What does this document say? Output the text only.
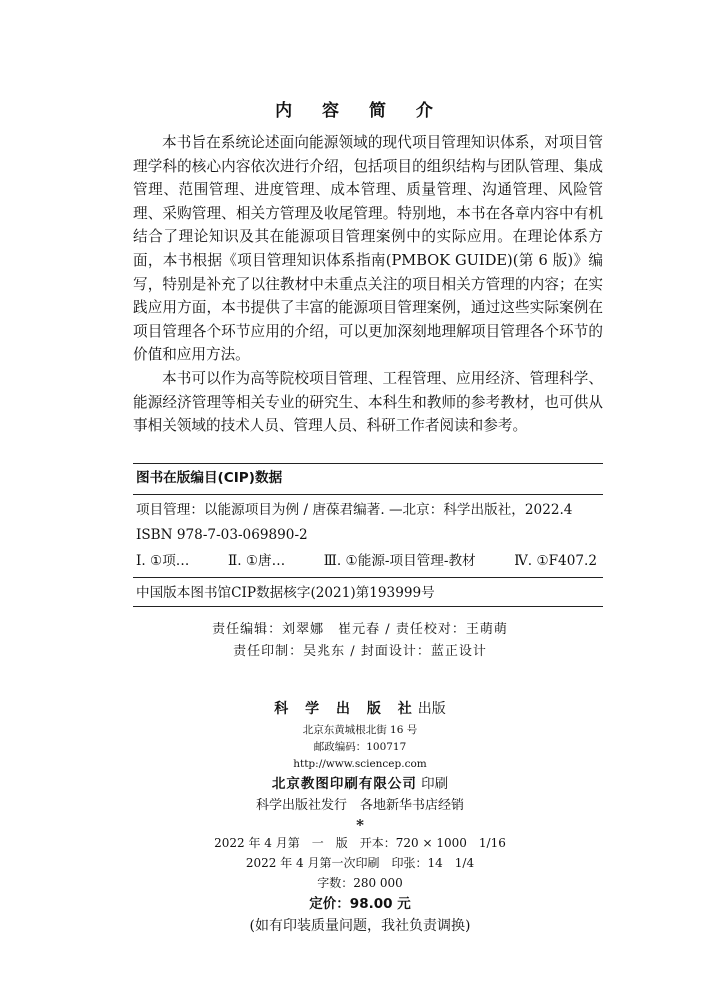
内 容 简 介

本书旨在系统论述面向能源领域的现代项目管理知识体系，对项目管理学科的核心内容依次进行介绍，包括项目的组织结构与团队管理、集成管理、范围管理、进度管理、成本管理、质量管理、沟通管理、风险管理、采购管理、相关方管理及收尾管理。特别地，本书在各章内容中有机结合了理论知识及其在能源项目管理案例中的实际应用。在理论体系方面，本书根据《项目管理知识体系指南(PMBOK GUIDE)(第 6 版)》编写，特别是补充了以往教材中未重点关注的项目相关方管理的内容；在实践应用方面，本书提供了丰富的能源项目管理案例，通过这些实际案例在项目管理各个环节应用的介绍，可以更加深刻地理解项目管理各个环节的价值和应用方法。

本书可以作为高等院校项目管理、工程管理、应用经济、管理科学、能源经济管理等相关专业的研究生、本科生和教师的参考教材，也可供从事相关领域的技术人员、管理人员、科研工作者阅读和参考。

图书在版编目(CIP)数据
项目管理：以能源项目为例 / 唐葆君编著. —北京：科学出版社，2022.4
ISBN 978-7-03-069890-2
Ⅰ. ①项…	Ⅱ. ①唐…	Ⅲ. ①能源-项目管理-教材	Ⅳ. ①F407.2
中国版本图书馆CIP数据核字(2021)第193999号
责任编辑：刘翠娜　崔元春 / 责任校对：王萌萌
责任印制：吴兆东 / 封面设计：蓝正设计
科 学 出 版 社出版
北京东黄城根北街 16 号
邮政编码：100717
http://www.sciencep.com
北京教图印刷有限公司 印刷
科学出版社发行　各地新华书店经销
*
2022 年 4 月第　一　版　开本：720 × 1000　1/16
2022 年 4 月第一次印刷　印张：14　1/4
字数：280 000
定价：98.00 元
(如有印装质量问题，我社负责调换)
